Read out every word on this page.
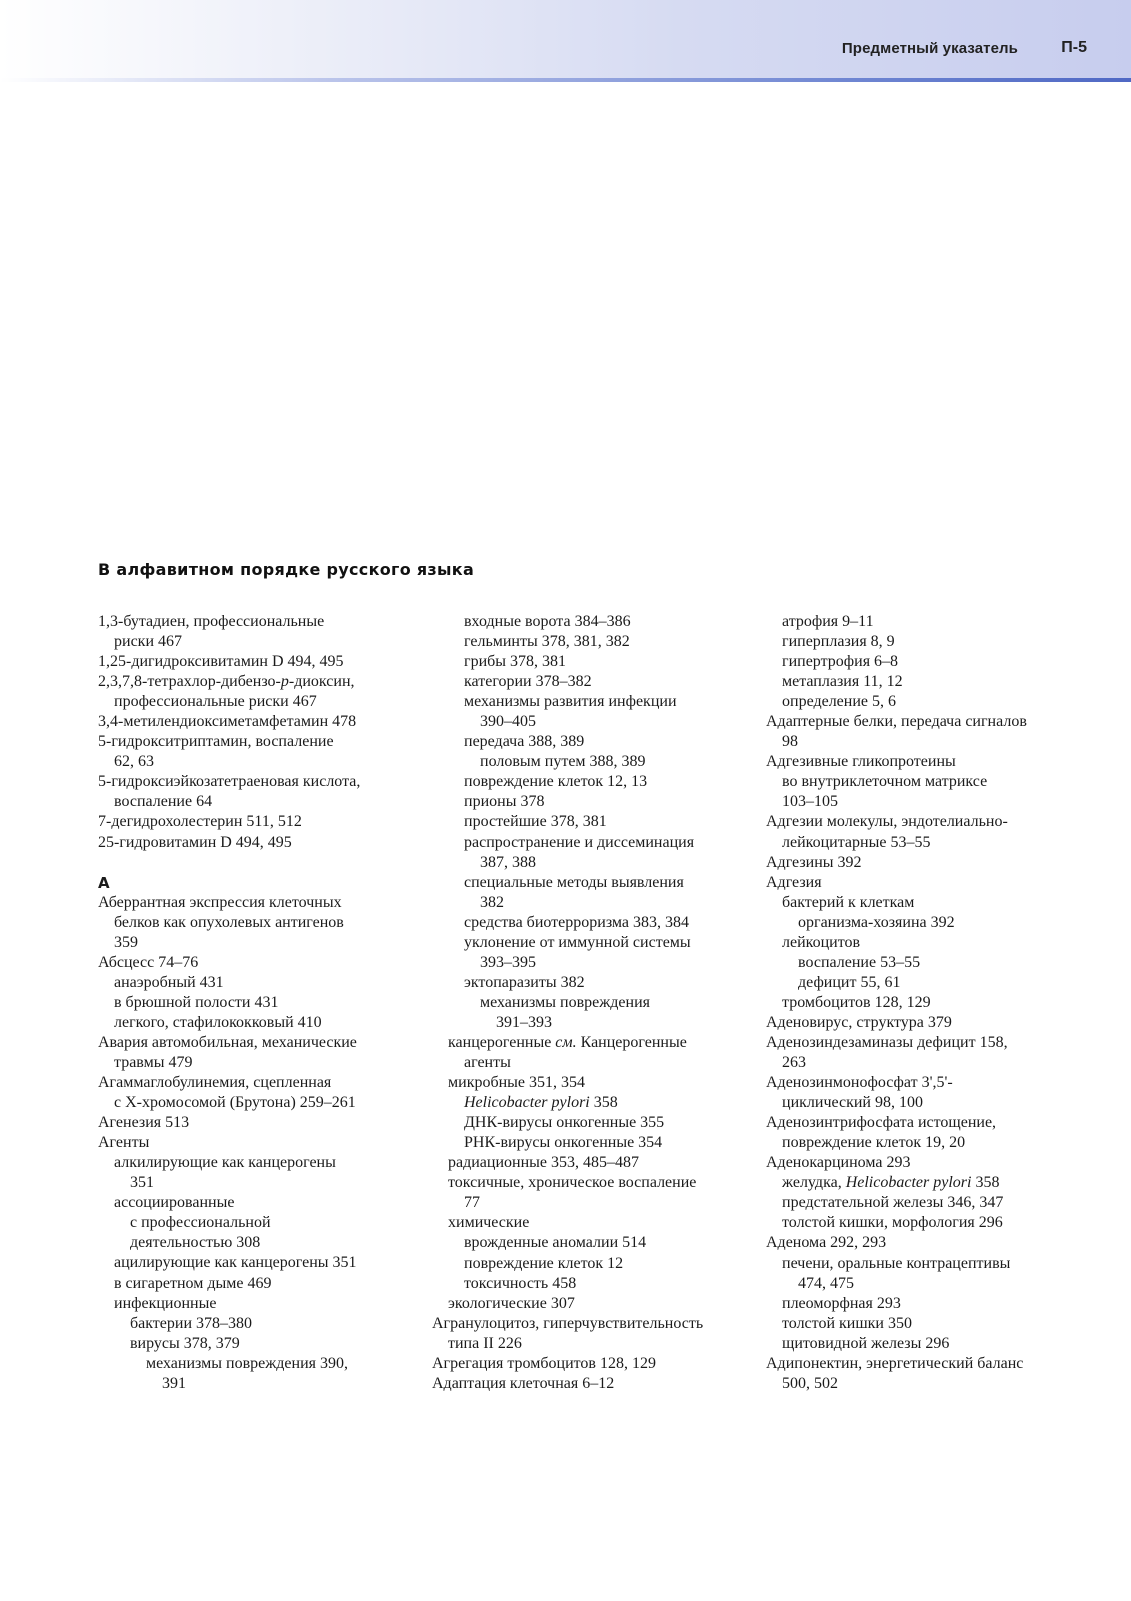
Предметный указатель	П-5
В алфавитном порядке русского языка
1,3-бутадиен, профессиональные
риски 467
1,25-дигидроксивитамин D 494, 495
2,3,7,8-тетрахлор-дибензо-p-диоксин,
профессиональные риски 467
3,4-метилендиоксиметамфетамин 478
5-гидрокситриптамин, воспаление
62, 63
5-гидроксиэйкозатетраеновая кислота,
воспаление 64
7-дегидрохолестерин 511, 512
25-гидровитамин D 494, 495
А
Аберрантная экспрессия клеточных
белков как опухолевых антигенов
359
Абсцесс 74–76
анаэробный 431
в брюшной полости 431
легкого, стафилококковый 410
Авария автомобильная, механические
травмы 479
Агаммаглобулинемия, сцепленная
с X-хромосомой (Брутона) 259–261
Агенезия 513
Агенты
алкилирующие как канцерогены
351
ассоциированные
с профессиональной
деятельностью 308
ацилирующие как канцерогены 351
в сигаретном дыме 469
инфекционные
бактерии 378–380
вирусы 378, 379
механизмы повреждения 390,
391
входные ворота 384–386
гельминты 378, 381, 382
грибы 378, 381
категории 378–382
механизмы развития инфекции
390–405
передача 388, 389
половым путем 388, 389
повреждение клеток 12, 13
прионы 378
простейшие 378, 381
распространение и диссеминация
387, 388
специальные методы выявления
382
средства биотерроризма 383, 384
уклонение от иммунной системы
393–395
эктопаразиты 382
механизмы повреждения
391–393
канцерогенные см. Канцерогенные
агенты
микробные 351, 354
Helicobacter pylori 358
ДНК-вирусы онкогенные 355
РНК-вирусы онкогенные 354
радиационные 353, 485–487
токсичные, хроническое воспаление
77
химические
врожденные аномалии 514
повреждение клеток 12
токсичность 458
экологические 307
Агранулоцитоз, гиперчувствительность
типа II 226
Агрегация тромбоцитов 128, 129
Адаптация клеточная 6–12
атрофия 9–11
гиперплазия 8, 9
гипертрофия 6–8
метаплазия 11, 12
определение 5, 6
Адаптерные белки, передача сигналов
98
Адгезивные гликопротеины
во внутриклеточном матриксе
103–105
Адгезии молекулы, эндотелиально-
лейкоцитарные 53–55
Адгезины 392
Адгезия
бактерий к клеткам
организма-хозяина 392
лейкоцитов
воспаление 53–55
дефицит 55, 61
тромбоцитов 128, 129
Аденовирус, структура 379
Аденозиндезаминазы дефицит 158,
263
Аденозинмонофосфат 3',5'-
циклический 98, 100
Аденозинтрифосфата истощение,
повреждение клеток 19, 20
Аденокарцинома 293
желудка, Helicobacter pylori 358
предстательной железы 346, 347
толстой кишки, морфология 296
Аденома 292, 293
печени, оральные контрацептивы
474, 475
плеоморфная 293
толстой кишки 350
щитовидной железы 296
Адипонектин, энергетический баланс
500, 502
